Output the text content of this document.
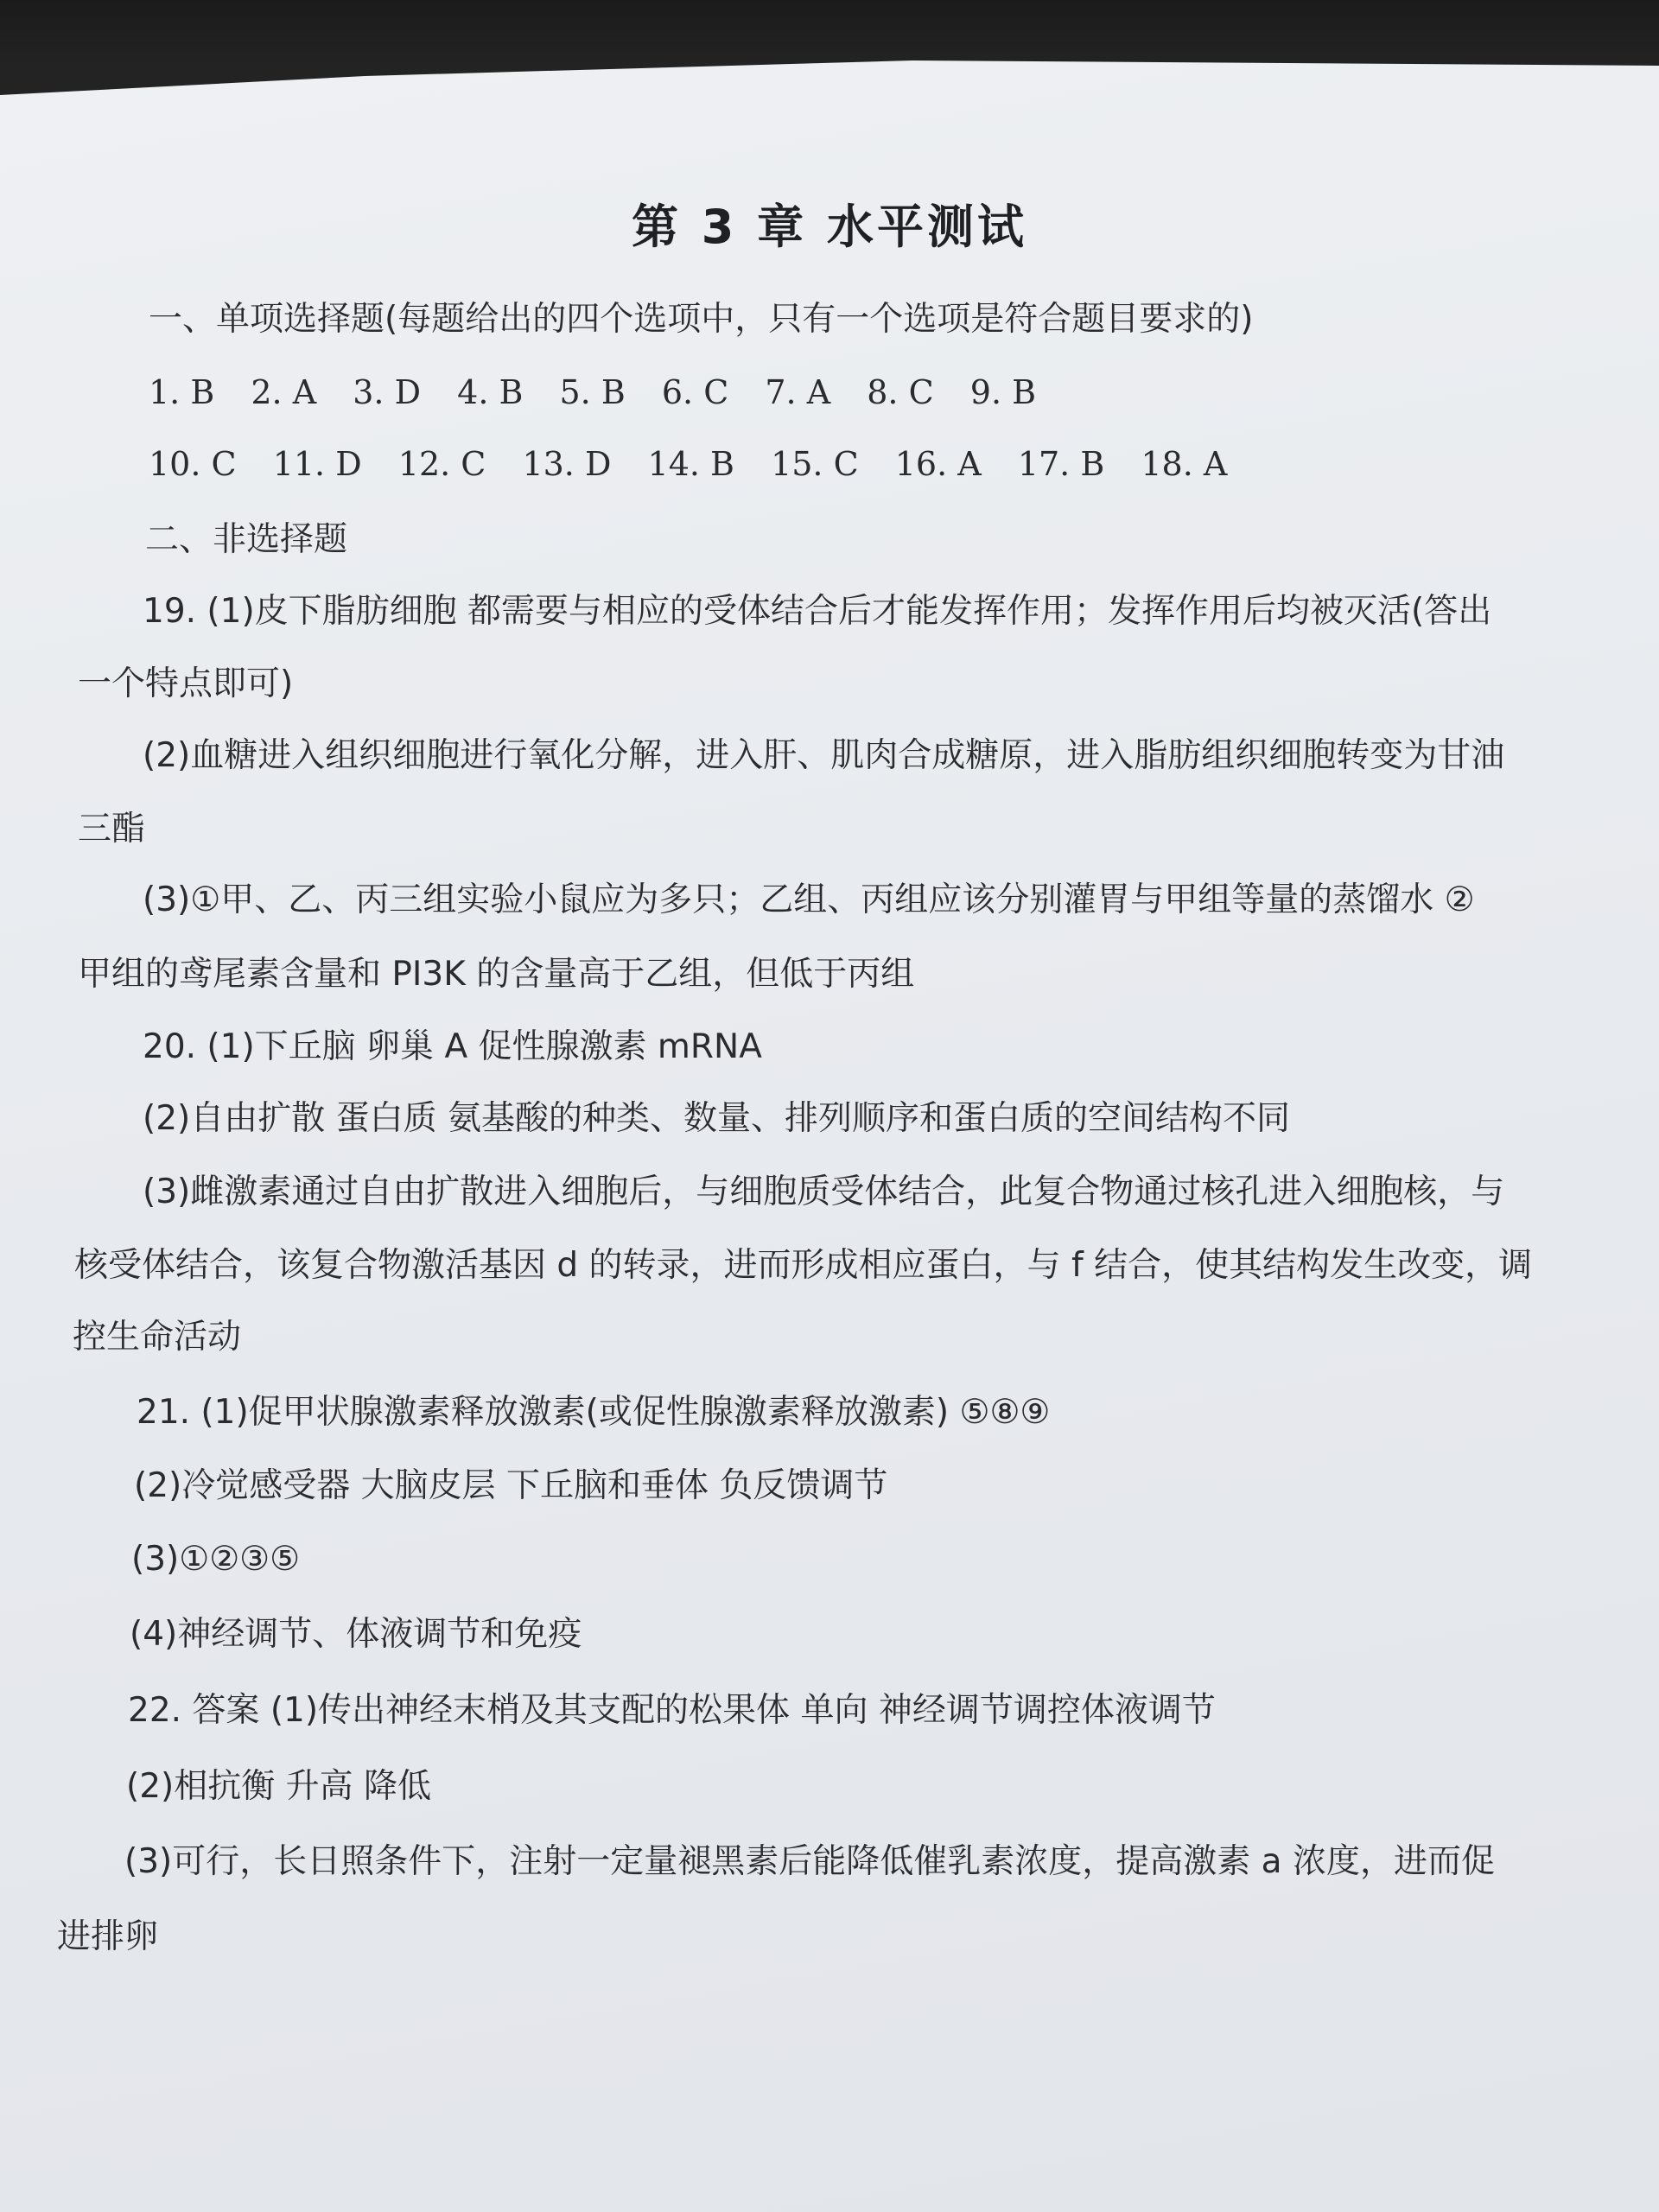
第 3 章 水平测试
一、单项选择题(每题给出的四个选项中，只有一个选项是符合题目要求的)
1. B 2. A 3. D 4. B 5. B 6. C 7. A 8. C 9. B
10. C 11. D 12. C 13. D 14. B 15. C 16. A 17. B 18. A
二、非选择题
19. (1)皮下脂肪细胞 都需要与相应的受体结合后才能发挥作用；发挥作用后均被灭活(答出
一个特点即可)
(2)血糖进入组织细胞进行氧化分解，进入肝、肌肉合成糖原，进入脂肪组织细胞转变为甘油
三酯
(3)①甲、乙、丙三组实验小鼠应为多只；乙组、丙组应该分别灌胃与甲组等量的蒸馏水 ②
甲组的鸢尾素含量和 PI3K 的含量高于乙组，但低于丙组
20. (1)下丘脑 卵巢 A 促性腺激素 mRNA
(2)自由扩散 蛋白质 氨基酸的种类、数量、排列顺序和蛋白质的空间结构不同
(3)雌激素通过自由扩散进入细胞后，与细胞质受体结合，此复合物通过核孔进入细胞核，与
核受体结合，该复合物激活基因 d 的转录，进而形成相应蛋白，与 f 结合，使其结构发生改变，调
控生命活动
21. (1)促甲状腺激素释放激素(或促性腺激素释放激素) ⑤⑧⑨
(2)冷觉感受器 大脑皮层 下丘脑和垂体 负反馈调节
(3)①②③⑤
(4)神经调节、体液调节和免疫
22. 答案 (1)传出神经末梢及其支配的松果体 单向 神经调节调控体液调节
(2)相抗衡 升高 降低
(3)可行，长日照条件下，注射一定量褪黑素后能降低催乳素浓度，提高激素 a 浓度，进而促
进排卵
